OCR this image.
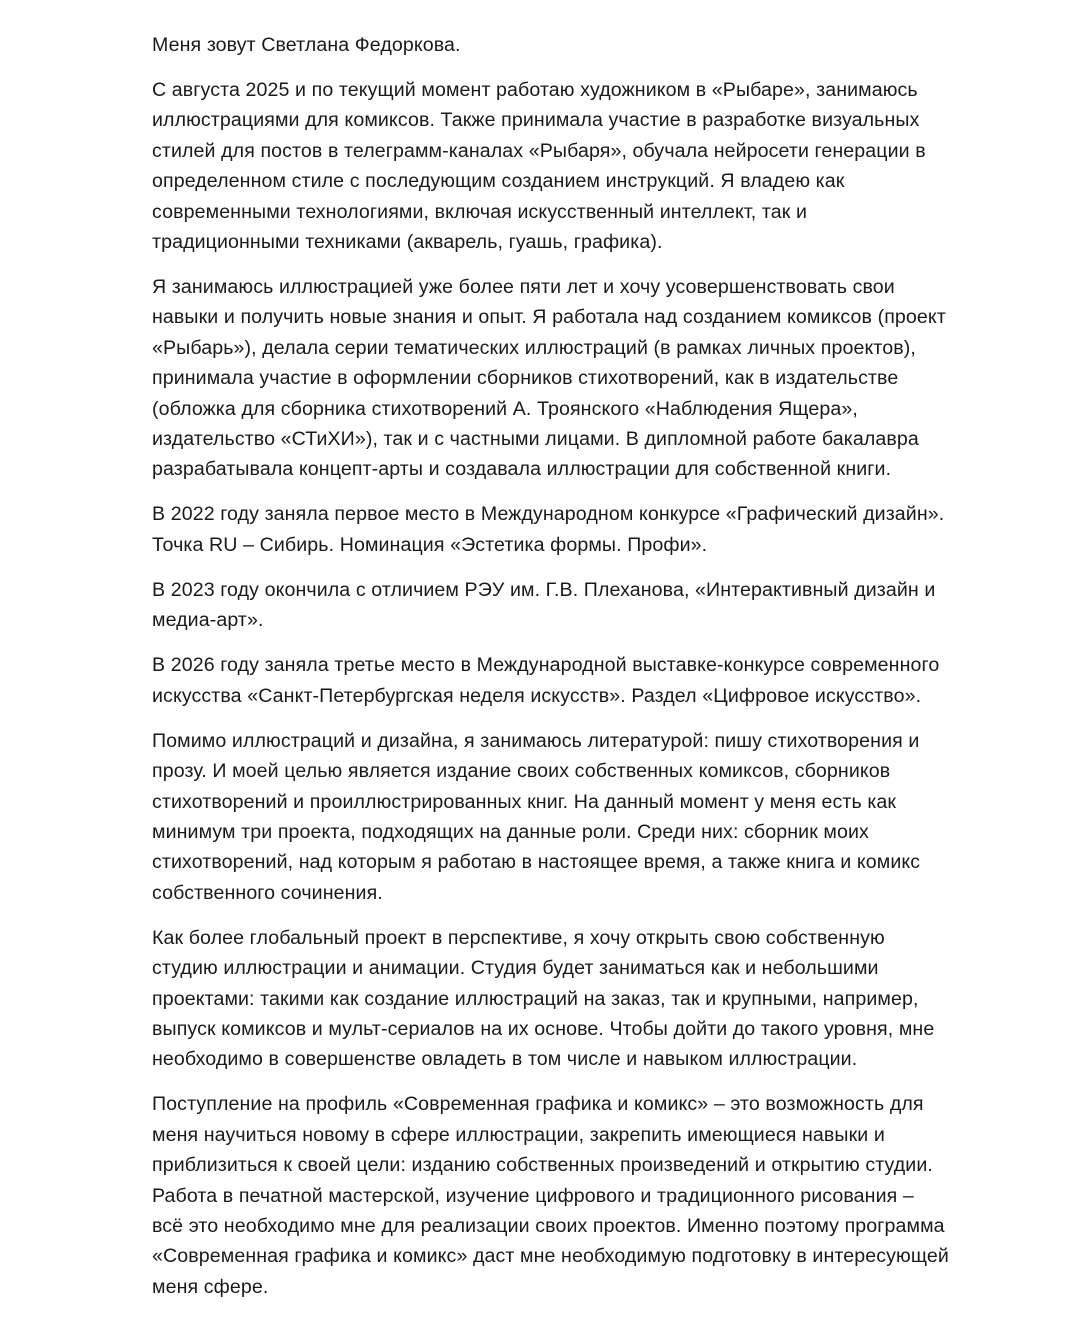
Меня зовут Светлана Федоркова.

С августа 2025 и по текущий момент работаю художником в «Рыбаре», занимаюсь
иллюстрациями для комиксов. Также принимала участие в разработке визуальных
стилей для постов в телеграмм-каналах «Рыбаря», обучала нейросети генерации в
определенном стиле с последующим созданием инструкций. Я владею как
современными технологиями, включая искусственный интеллект, так и
традиционными техниками (акварель, гуашь, графика).

Я занимаюсь иллюстрацией уже более пяти лет и хочу усовершенствовать свои
навыки и получить новые знания и опыт. Я работала над созданием комиксов (проект
«Рыбарь»), делала серии тематических иллюстраций (в рамках личных проектов),
принимала участие в оформлении сборников стихотворений, как в издательстве
(обложка для сборника стихотворений А. Троянского «Наблюдения Ящера»,
издательство «СТиХИ»), так и с частными лицами. В дипломной работе бакалавра
разрабатывала концепт-арты и создавала иллюстрации для собственной книги.

В 2022 году заняла первое место в Международном конкурсе «Графический дизайн».
Точка RU – Сибирь. Номинация «Эстетика формы. Профи».

В 2023 году окончила с отличием РЭУ им. Г.В. Плеханова, «Интерактивный дизайн и
медиа-арт».

В 2026 году заняла третье место в Международной выставке-конкурсе современного
искусства «Санкт-Петербургская неделя искусств». Раздел «Цифровое искусство».

Помимо иллюстраций и дизайна, я занимаюсь литературой: пишу стихотворения и
прозу. И моей целью является издание своих собственных комиксов, сборников
стихотворений и проиллюстрированных книг. На данный момент у меня есть как
минимум три проекта, подходящих на данные роли. Среди них: сборник моих
стихотворений, над которым я работаю в настоящее время, а также книга и комикс
собственного сочинения.

Как более глобальный проект в перспективе, я хочу открыть свою собственную
студию иллюстрации и анимации. Студия будет заниматься как и небольшими
проектами: такими как создание иллюстраций на заказ, так и крупными, например,
выпуск комиксов и мульт-сериалов на их основе. Чтобы дойти до такого уровня, мне
необходимо в совершенстве овладеть в том числе и навыком иллюстрации.

Поступление на профиль «Современная графика и комикс» – это возможность для
меня научиться новому в сфере иллюстрации, закрепить имеющиеся навыки и
приблизиться к своей цели: изданию собственных произведений и открытию студии.
Работа в печатной мастерской, изучение цифрового и традиционного рисования –
всё это необходимо мне для реализации своих проектов. Именно поэтому программа
«Современная графика и комикс» даст мне необходимую подготовку в интересующей
меня сфере.
